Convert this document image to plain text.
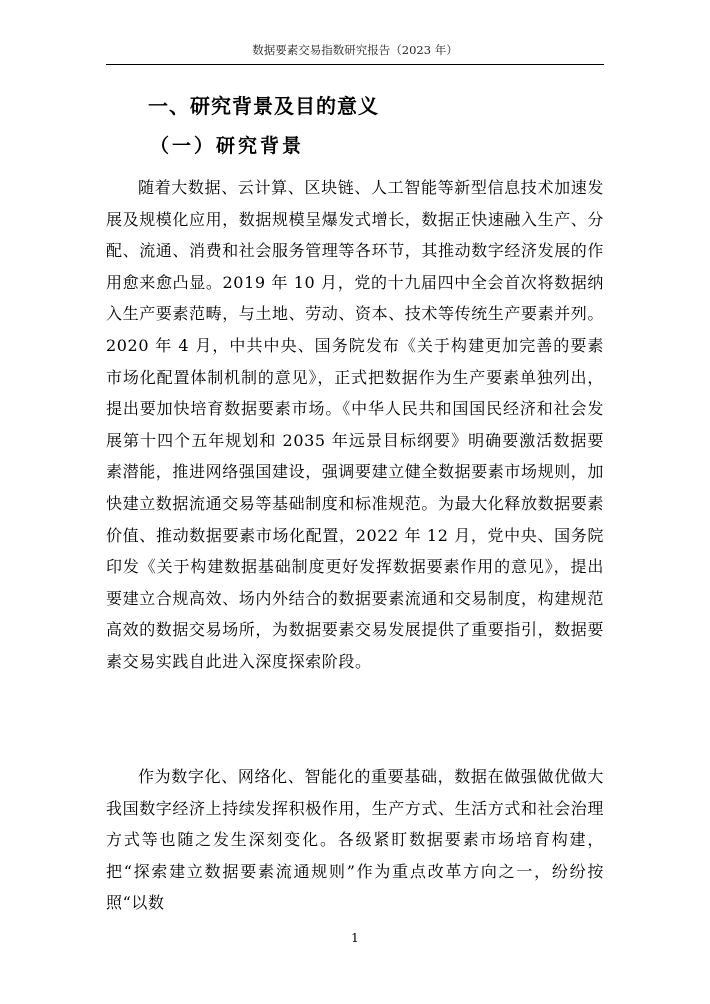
数据要素交易指数研究报告（2023 年）
一、研究背景及目的意义
（一）研究背景

随着大数据、云计算、区块链、人工智能等新型信息技术加速发展及规模化应用，数据规模呈爆发式增长，数据正快速融入生产、分配、流通、消费和社会服务管理等各环节，其推动数字经济发展的作用愈来愈凸显。2019 年 10 月，党的十九届四中全会首次将数据纳入生产要素范畴，与土地、劳动、资本、技术等传统生产要素并列。2020 年 4 月，中共中央、国务院发布《关于构建更加完善的要素市场化配置体制机制的意见》，正式把数据作为生产要素单独列出，提出要加快培育数据要素市场。《中华人民共和国国民经济和社会发展第十四个五年规划和 2035 年远景目标纲要》明确要激活数据要素潜能，推进网络强国建设，强调要建立健全数据要素市场规则，加快建立数据流通交易等基础制度和标准规范。为最大化释放数据要素价值、推动数据要素市场化配置，2022 年 12 月，党中央、国务院印发《关于构建数据基础制度更好发挥数据要素作用的意见》，提出要建立合规高效、场内外结合的数据要素流通和交易制度，构建规范高效的数据交易场所，为数据要素交易发展提供了重要指引，数据要素交易实践自此进入深度探索阶段。

作为数字化、网络化、智能化的重要基础，数据在做强做优做大我国数字经济上持续发挥积极作用，生产方式、生活方式和社会治理方式等也随之发生深刻变化。各级紧盯数据要素市场培育构建，把“探索建立数据要素流通规则”作为重点改革方向之一，纷纷按照“以数

1
